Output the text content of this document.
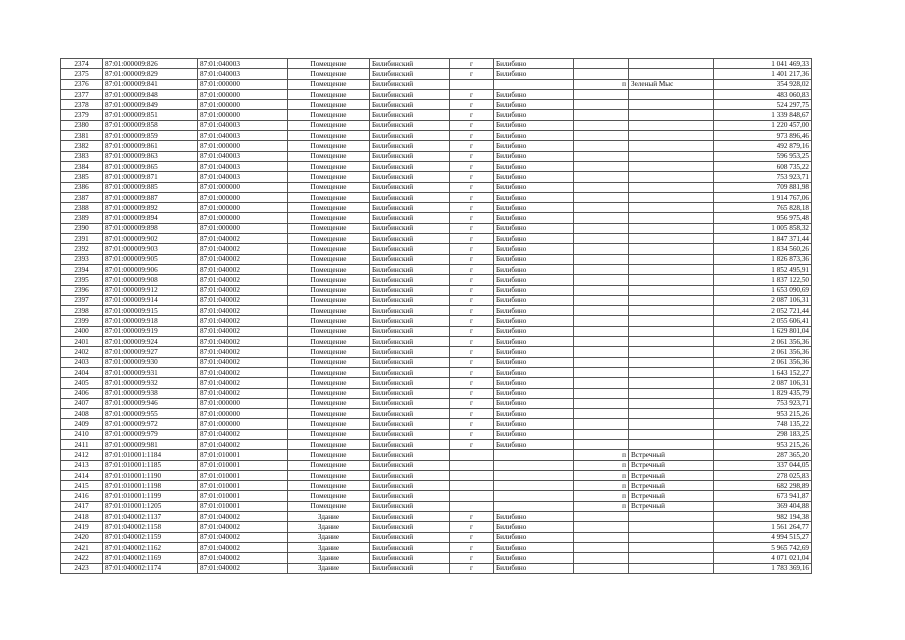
2374	87:01:000009:826	87:01:040003	Помещение	Билибинский	г	Билибино			1 041 469,33
2375	87:01:000009:829	87:01:040003	Помещение	Билибинский	г	Билибино			1 401 217,36
2376	87:01:000009:841	87:01:000000	Помещение	Билибинский			п	Зеленый Мыс	354 928,02
2377	87:01:000009:848	87:01:000000	Помещение	Билибинский	г	Билибино			483 060,83
2378	87:01:000009:849	87:01:000000	Помещение	Билибинский	г	Билибино			524 297,75
2379	87:01:000009:851	87:01:000000	Помещение	Билибинский	г	Билибино			1 339 848,67
2380	87:01:000009:858	87:01:040003	Помещение	Билибинский	г	Билибино			1 220 457,00
2381	87:01:000009:859	87:01:040003	Помещение	Билибинский	г	Билибино			973 896,46
2382	87:01:000009:861	87:01:000000	Помещение	Билибинский	г	Билибино			492 879,16
2383	87:01:000009:863	87:01:040003	Помещение	Билибинский	г	Билибино			596 953,25
2384	87:01:000009:865	87:01:040003	Помещение	Билибинский	г	Билибино			608 735,22
2385	87:01:000009:871	87:01:040003	Помещение	Билибинский	г	Билибино			753 923,71
2386	87:01:000009:885	87:01:000000	Помещение	Билибинский	г	Билибино			709 881,98
2387	87:01:000009:887	87:01:000000	Помещение	Билибинский	г	Билибино			1 914 767,06
2388	87:01:000009:892	87:01:000000	Помещение	Билибинский	г	Билибино			765 828,18
2389	87:01:000009:894	87:01:000000	Помещение	Билибинский	г	Билибино			956 975,48
2390	87:01:000009:898	87:01:000000	Помещение	Билибинский	г	Билибино			1 005 858,32
2391	87:01:000009:902	87:01:040002	Помещение	Билибинский	г	Билибино			1 847 371,44
2392	87:01:000009:903	87:01:040002	Помещение	Билибинский	г	Билибино			1 834 560,26
2393	87:01:000009:905	87:01:040002	Помещение	Билибинский	г	Билибино			1 826 873,36
2394	87:01:000009:906	87:01:040002	Помещение	Билибинский	г	Билибино			1 852 495,91
2395	87:01:000009:908	87:01:040002	Помещение	Билибинский	г	Билибино			1 837 122,50
2396	87:01:000009:912	87:01:040002	Помещение	Билибинский	г	Билибино			1 653 090,69
2397	87:01:000009:914	87:01:040002	Помещение	Билибинский	г	Билибино			2 087 106,31
2398	87:01:000009:915	87:01:040002	Помещение	Билибинский	г	Билибино			2 052 721,44
2399	87:01:000009:918	87:01:040002	Помещение	Билибинский	г	Билибино			2 055 606,41
2400	87:01:000009:919	87:01:040002	Помещение	Билибинский	г	Билибино			1 629 801,04
2401	87:01:000009:924	87:01:040002	Помещение	Билибинский	г	Билибино			2 061 356,36
2402	87:01:000009:927	87:01:040002	Помещение	Билибинский	г	Билибино			2 061 356,36
2403	87:01:000009:930	87:01:040002	Помещение	Билибинский	г	Билибино			2 061 356,36
2404	87:01:000009:931	87:01:040002	Помещение	Билибинский	г	Билибино			1 643 152,27
2405	87:01:000009:932	87:01:040002	Помещение	Билибинский	г	Билибино			2 087 106,31
2406	87:01:000009:938	87:01:040002	Помещение	Билибинский	г	Билибино			1 829 435,79
2407	87:01:000009:946	87:01:000000	Помещение	Билибинский	г	Билибино			753 923,71
2408	87:01:000009:955	87:01:000000	Помещение	Билибинский	г	Билибино			953 215,26
2409	87:01:000009:972	87:01:000000	Помещение	Билибинский	г	Билибино			748 135,22
2410	87:01:000009:979	87:01:040002	Помещение	Билибинский	г	Билибино			298 183,25
2411	87:01:000009:981	87:01:040002	Помещение	Билибинский	г	Билибино			953 215,26
2412	87:01:010001:1184	87:01:010001	Помещение	Билибинский			п	Встречный	287 365,20
2413	87:01:010001:1185	87:01:010001	Помещение	Билибинский			п	Встречный	337 044,05
2414	87:01:010001:1190	87:01:010001	Помещение	Билибинский			п	Встречный	278 025,83
2415	87:01:010001:1198	87:01:010001	Помещение	Билибинский			п	Встречный	682 298,89
2416	87:01:010001:1199	87:01:010001	Помещение	Билибинский			п	Встречный	673 941,87
2417	87:01:010001:1205	87:01:010001	Помещение	Билибинский			п	Встречный	369 404,88
2418	87:01:040002:1137	87:01:040002	Здание	Билибинский	г	Билибино			982 194,38
2419	87:01:040002:1158	87:01:040002	Здание	Билибинский	г	Билибино			1 561 264,77
2420	87:01:040002:1159	87:01:040002	Здание	Билибинский	г	Билибино			4 994 515,27
2421	87:01:040002:1162	87:01:040002	Здание	Билибинский	г	Билибино			5 965 742,69
2422	87:01:040002:1169	87:01:040002	Здание	Билибинский	г	Билибино			4 071 021,04
2423	87:01:040002:1174	87:01:040002	Здание	Билибинский	г	Билибино			1 783 369,16
